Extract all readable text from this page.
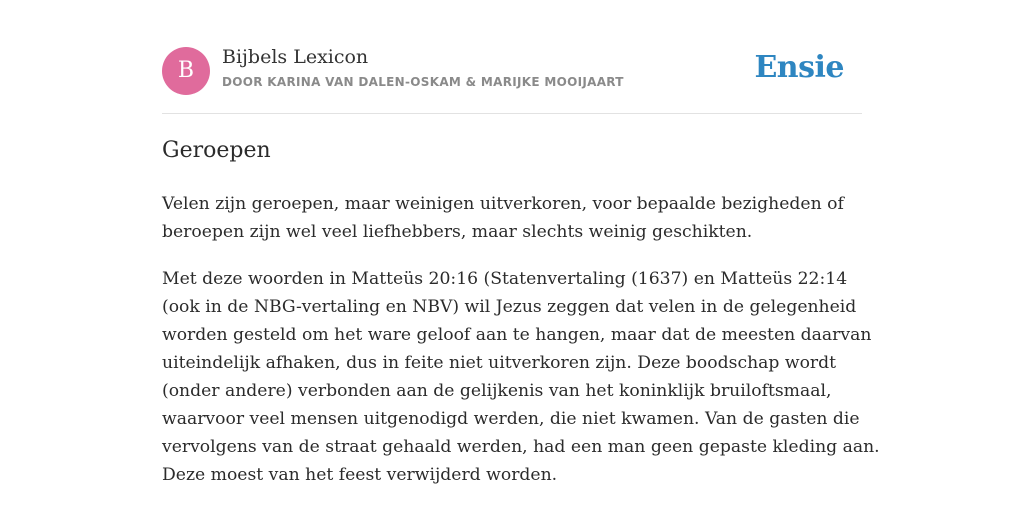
B
Bijbels Lexicon
DOOR KARINA VAN DALEN-OSKAM & MARIJKE MOOIJAART	Ensie
Geroepen

Velen zijn geroepen, maar weinigen uitverkoren, voor bepaalde bezigheden of
beroepen zijn wel veel liefhebbers, maar slechts weinig geschikten.

Met deze woorden in Matteüs 20:16 (Statenvertaling (1637) en Matteüs 22:14
(ook in de NBG-vertaling en NBV) wil Jezus zeggen dat velen in de gelegenheid
worden gesteld om het ware geloof aan te hangen, maar dat de meesten daarvan
uiteindelijk afhaken, dus in feite niet uitverkoren zijn. Deze boodschap wordt
(onder andere) verbonden aan de gelijkenis van het koninklijk bruiloftsmaal,
waarvoor veel mensen uitgenodigd werden, die niet kwamen. Van de gasten die
vervolgens van de straat gehaald werden, had een man geen gepaste kleding aan.
Deze moest van het feest verwijderd worden.
